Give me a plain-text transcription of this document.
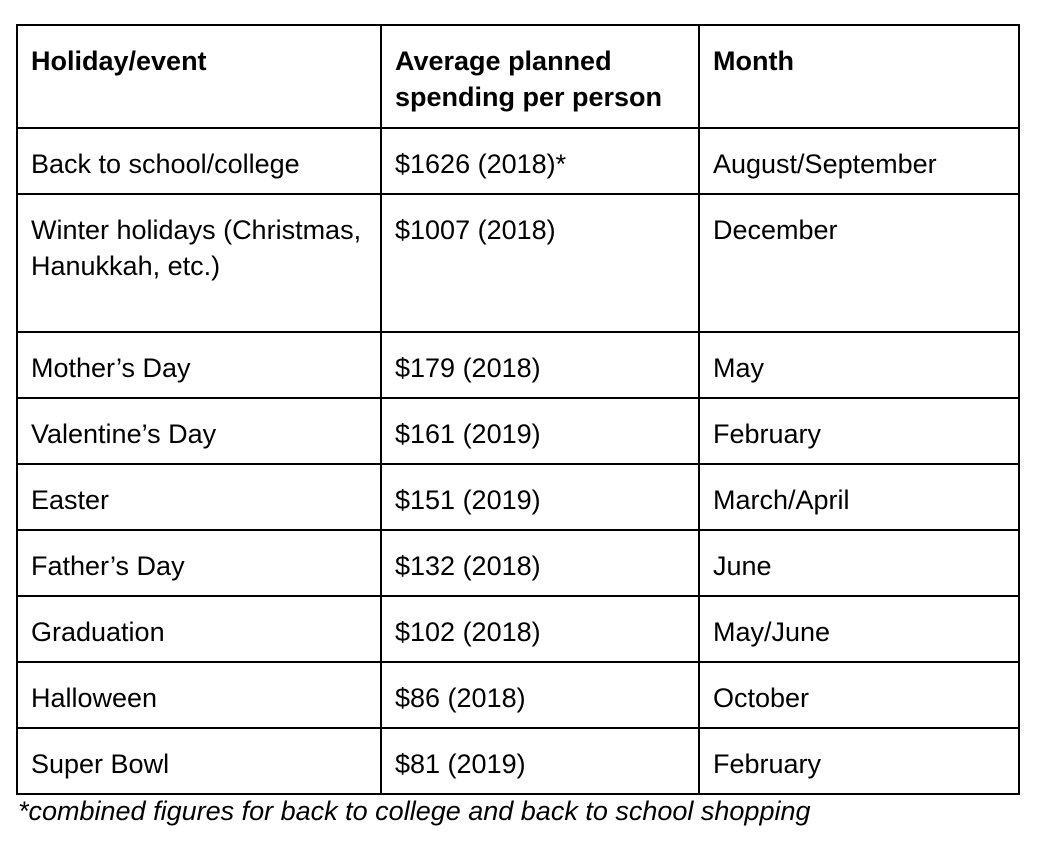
Holiday/event	Average planned spending per person	Month
Back to school/college	$1626 (2018)*	August/September
Winter holidays (Christmas, Hanukkah, etc.)	$1007 (2018)	December
Mother’s Day	$179 (2018)	May
Valentine’s Day	$161 (2019)	February
Easter	$151 (2019)	March/April
Father’s Day	$132 (2018)	June
Graduation	$102 (2018)	May/June
Halloween	$86 (2018)	October
Super Bowl	$81 (2019)	February
*combined figures for back to college and back to school shopping
